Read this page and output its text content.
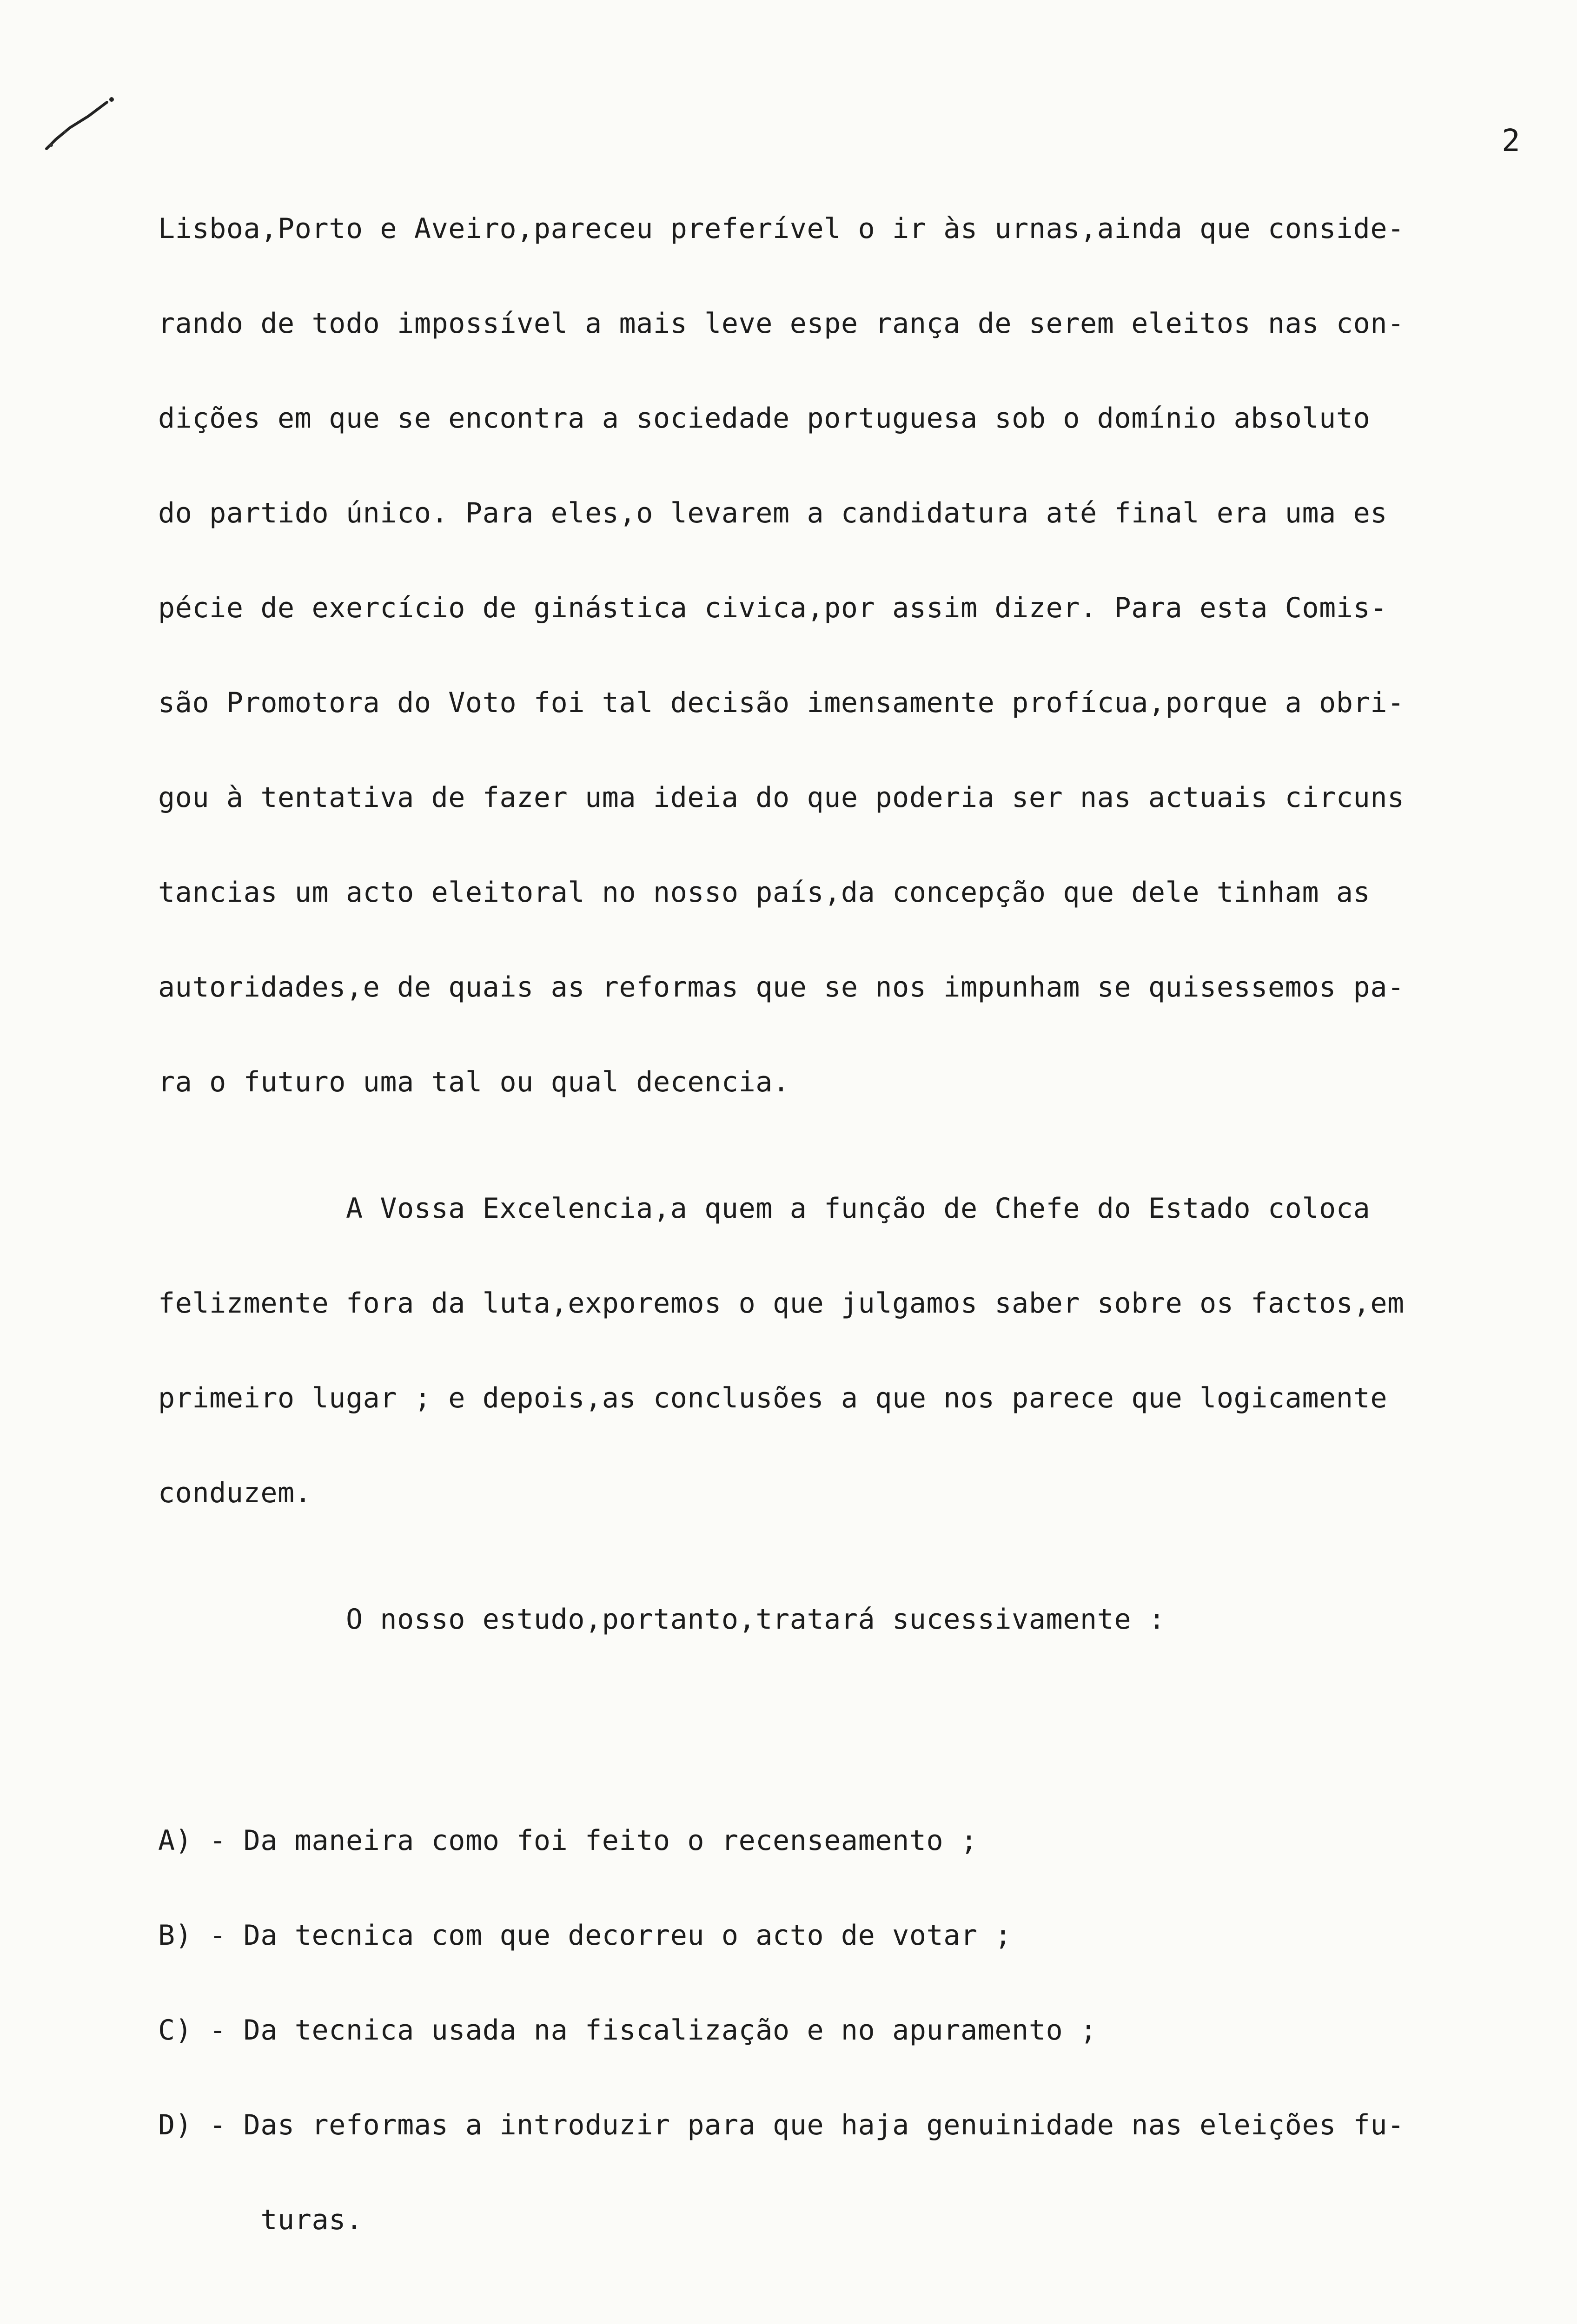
2

Lisboa,Porto e Aveiro,pareceu preferível o ir às urnas,ainda que conside-

rando de todo impossível a mais leve espe rança de serem eleitos nas con-

dições em que se encontra a sociedade portuguesa sob o domínio absoluto

do partido único. Para eles,o levarem a candidatura até final era uma es

pécie de exercício de ginástica civica,por assim dizer. Para esta Comis-

são Promotora do Voto foi tal decisão imensamente profícua,porque a obri-

gou à tentativa de fazer uma ideia do que poderia ser nas actuais circuns

tancias um acto eleitoral no nosso país,da concepção que dele tinham as

autoridades,e de quais as reformas que se nos impunham se quisessemos pa-

ra o futuro uma tal ou qual decencia.

A Vossa Excelencia,a quem a função de Chefe do Estado coloca

felizmente fora da luta,exporemos o que julgamos saber sobre os factos,em

primeiro lugar ; e depois,as conclusões a que nos parece que logicamente

conduzem.

O nosso estudo,portanto,tratará sucessivamente :

A) - Da maneira como foi feito o recenseamento ;

B) - Da tecnica com que decorreu o acto de votar ;

C) - Da tecnica usada na fiscalização e no apuramento ;

D) - Das reformas a introduzir para que haja genuinidade nas eleições fu-

turas.
